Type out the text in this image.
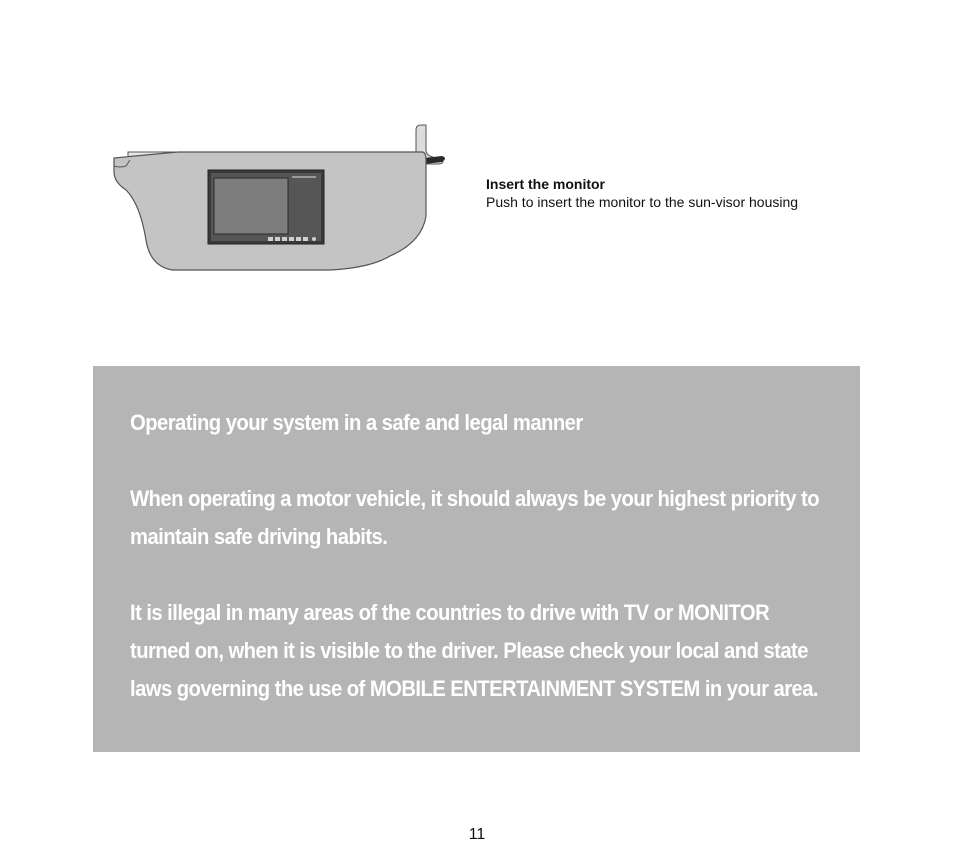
Insert the monitor

Push to insert the monitor to the sun-visor housing

Operating your system in a safe and legal manner

When operating a motor vehicle, it should always be your highest priority to maintain safe driving habits.

It is illegal in many areas of the countries to drive with TV or MONITOR turned on, when it is visible to the driver. Please check your local and state laws governing the use of MOBILE ENTERTAINMENT SYSTEM in your area.

11
